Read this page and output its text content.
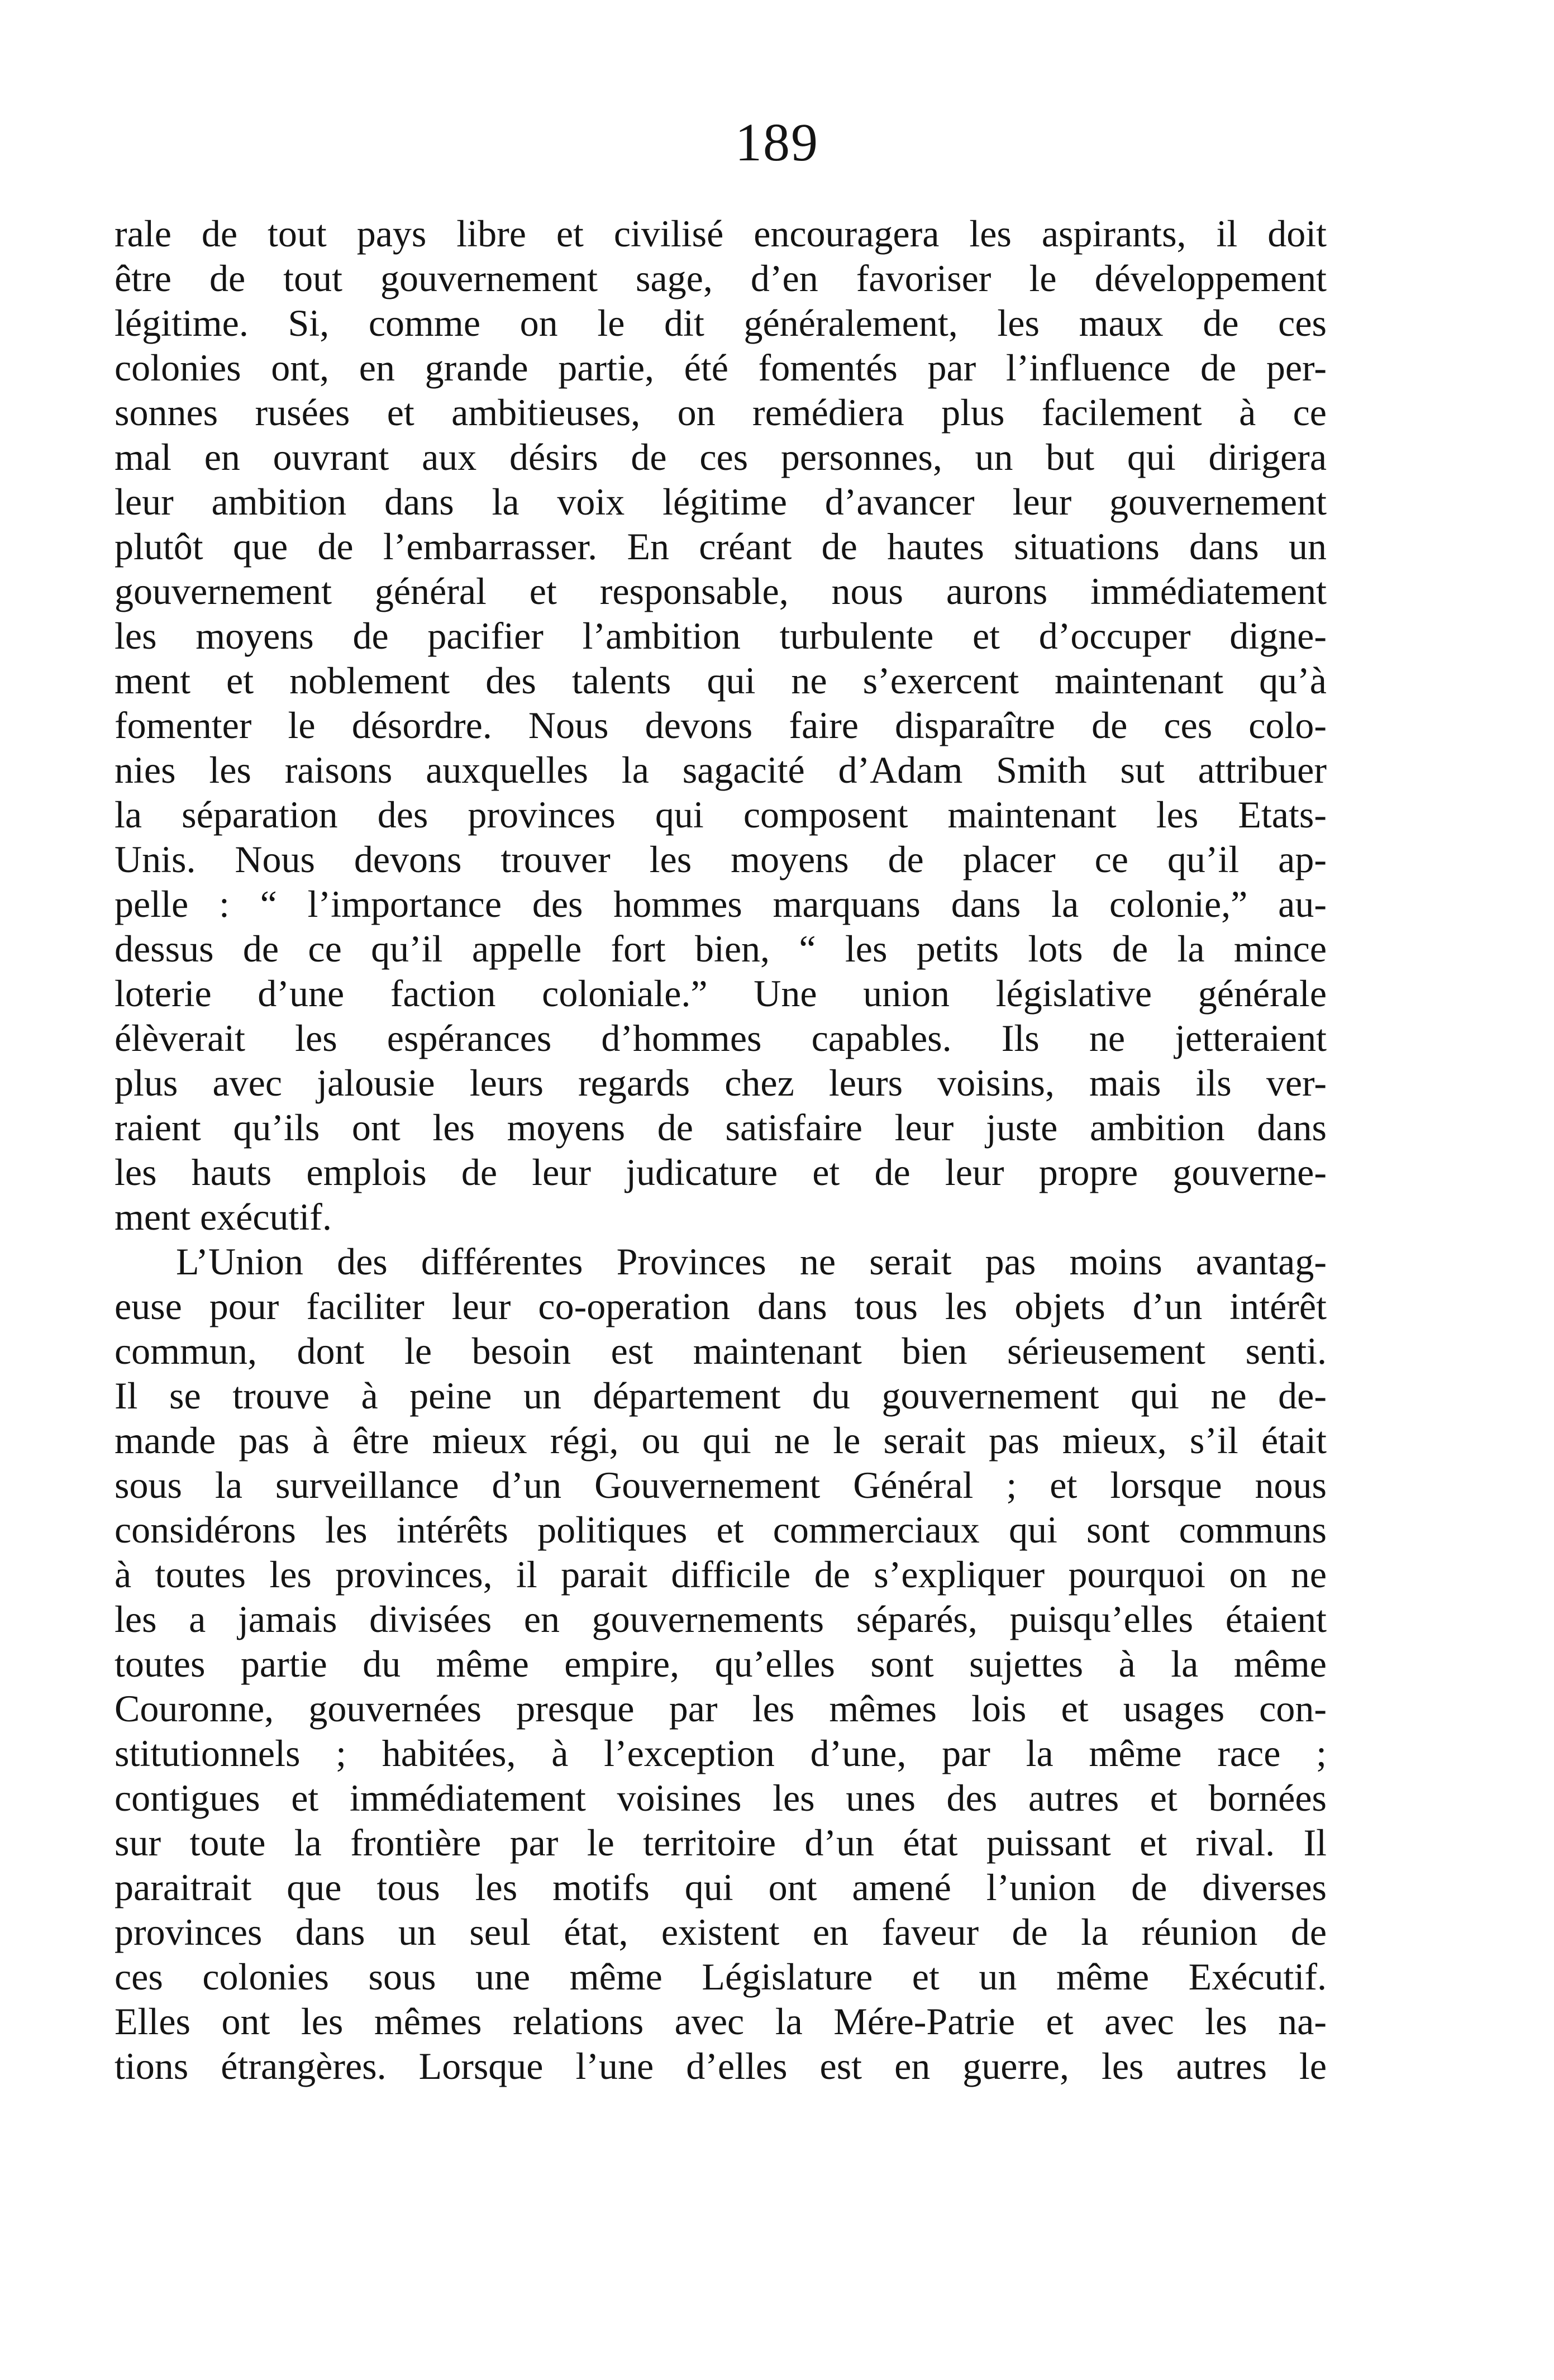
189
rale de tout pays libre et civilisé encouragera les aspirants, il doit
être de tout gouvernement sage, d’en favoriser le développement
légitime. Si, comme on le dit généralement, les maux de ces
colonies ont, en grande partie, été fomentés par l’influence de per-
sonnes rusées et ambitieuses, on remédiera plus facilement à ce
mal en ouvrant aux désirs de ces personnes, un but qui dirigera
leur ambition dans la voix légitime d’avancer leur gouvernement
plutôt que de l’embarrasser. En créant de hautes situations dans un
gouvernement général et responsable, nous aurons immédiatement
les moyens de pacifier l’ambition turbulente et d’occuper digne-
ment et noblement des talents qui ne s’exercent maintenant qu’à
fomenter le désordre. Nous devons faire disparaître de ces colo-
nies les raisons auxquelles la sagacité d’Adam Smith sut attribuer
la séparation des provinces qui composent maintenant les Etats-
Unis. Nous devons trouver les moyens de placer ce qu’il ap-
pelle : “ l’importance des hommes marquans dans la colonie,” au-
dessus de ce qu’il appelle fort bien, “ les petits lots de la mince
loterie d’une faction coloniale.” Une union législative générale
élèverait les espérances d’hommes capables. Ils ne jetteraient
plus avec jalousie leurs regards chez leurs voisins, mais ils ver-
raient qu’ils ont les moyens de satisfaire leur juste ambition dans
les hauts emplois de leur judicature et de leur propre gouverne-
ment exécutif.
L’Union des différentes Provinces ne serait pas moins avantag-
euse pour faciliter leur co-operation dans tous les objets d’un intérêt
commun, dont le besoin est maintenant bien sérieusement senti.
Il se trouve à peine un département du gouvernement qui ne de-
mande pas à être mieux régi, ou qui ne le serait pas mieux, s’il était
sous la surveillance d’un Gouvernement Général ; et lorsque nous
considérons les intérêts politiques et commerciaux qui sont communs
à toutes les provinces, il parait difficile de s’expliquer pourquoi on ne
les a jamais divisées en gouvernements séparés, puisqu’elles étaient
toutes partie du même empire, qu’elles sont sujettes à la même
Couronne, gouvernées presque par les mêmes lois et usages con-
stitutionnels ; habitées, à l’exception d’une, par la même race ;
contigues et immédiatement voisines les unes des autres et bornées
sur toute la frontière par le territoire d’un état puissant et rival. Il
paraitrait que tous les motifs qui ont amené l’union de diverses
provinces dans un seul état, existent en faveur de la réunion de
ces colonies sous une même Législature et un même Exécutif.
Elles ont les mêmes relations avec la Mére-Patrie et avec les na-
tions étrangères. Lorsque l’une d’elles est en guerre, les autres le
